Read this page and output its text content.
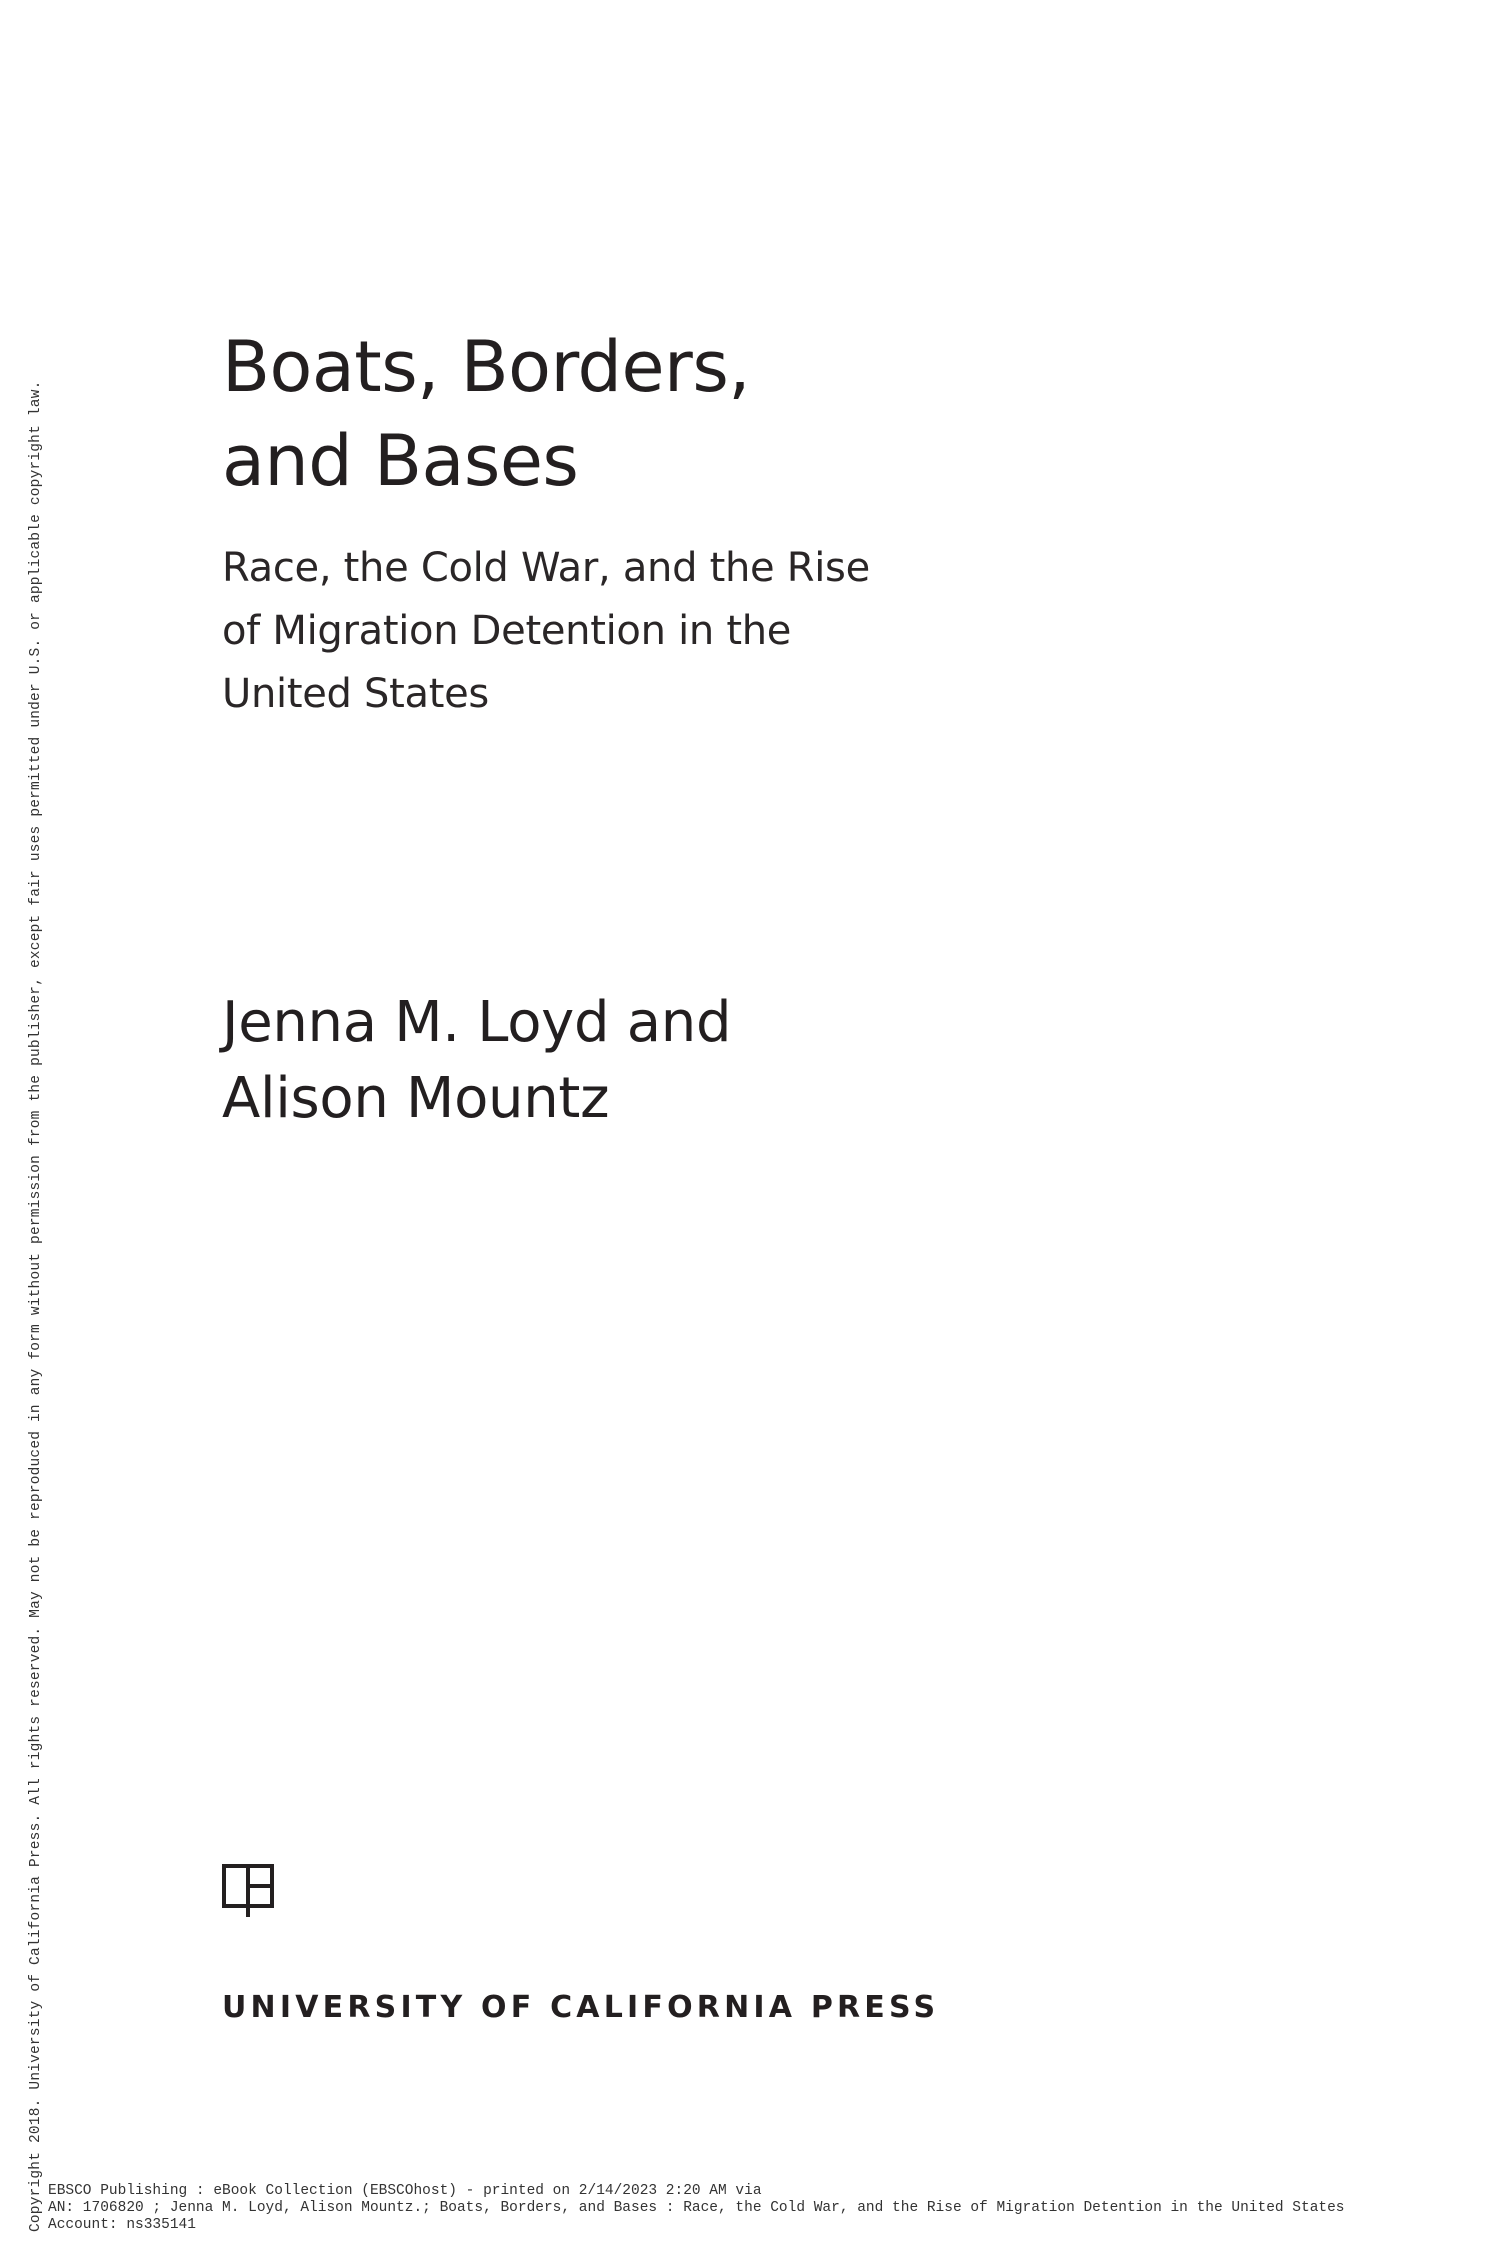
Copyright 2018. University of California Press. All rights reserved. May not be reproduced in any form without permission from the publisher, except fair uses permitted under U.S. or applicable copyright law.
Boats, Borders,
and Bases
Race, the Cold War, and the Rise
of Migration Detention in the
United States
Jenna M. Loyd and
Alison Mountz
UNIVERSITY OF CALIFORNIA PRESS
EBSCO Publishing : eBook Collection (EBSCOhost) - printed on 2/14/2023 2:20 AM via
AN: 1706820 ; Jenna M. Loyd, Alison Mountz.; Boats, Borders, and Bases : Race, the Cold War, and the Rise of Migration Detention in the United States
Account: ns335141
